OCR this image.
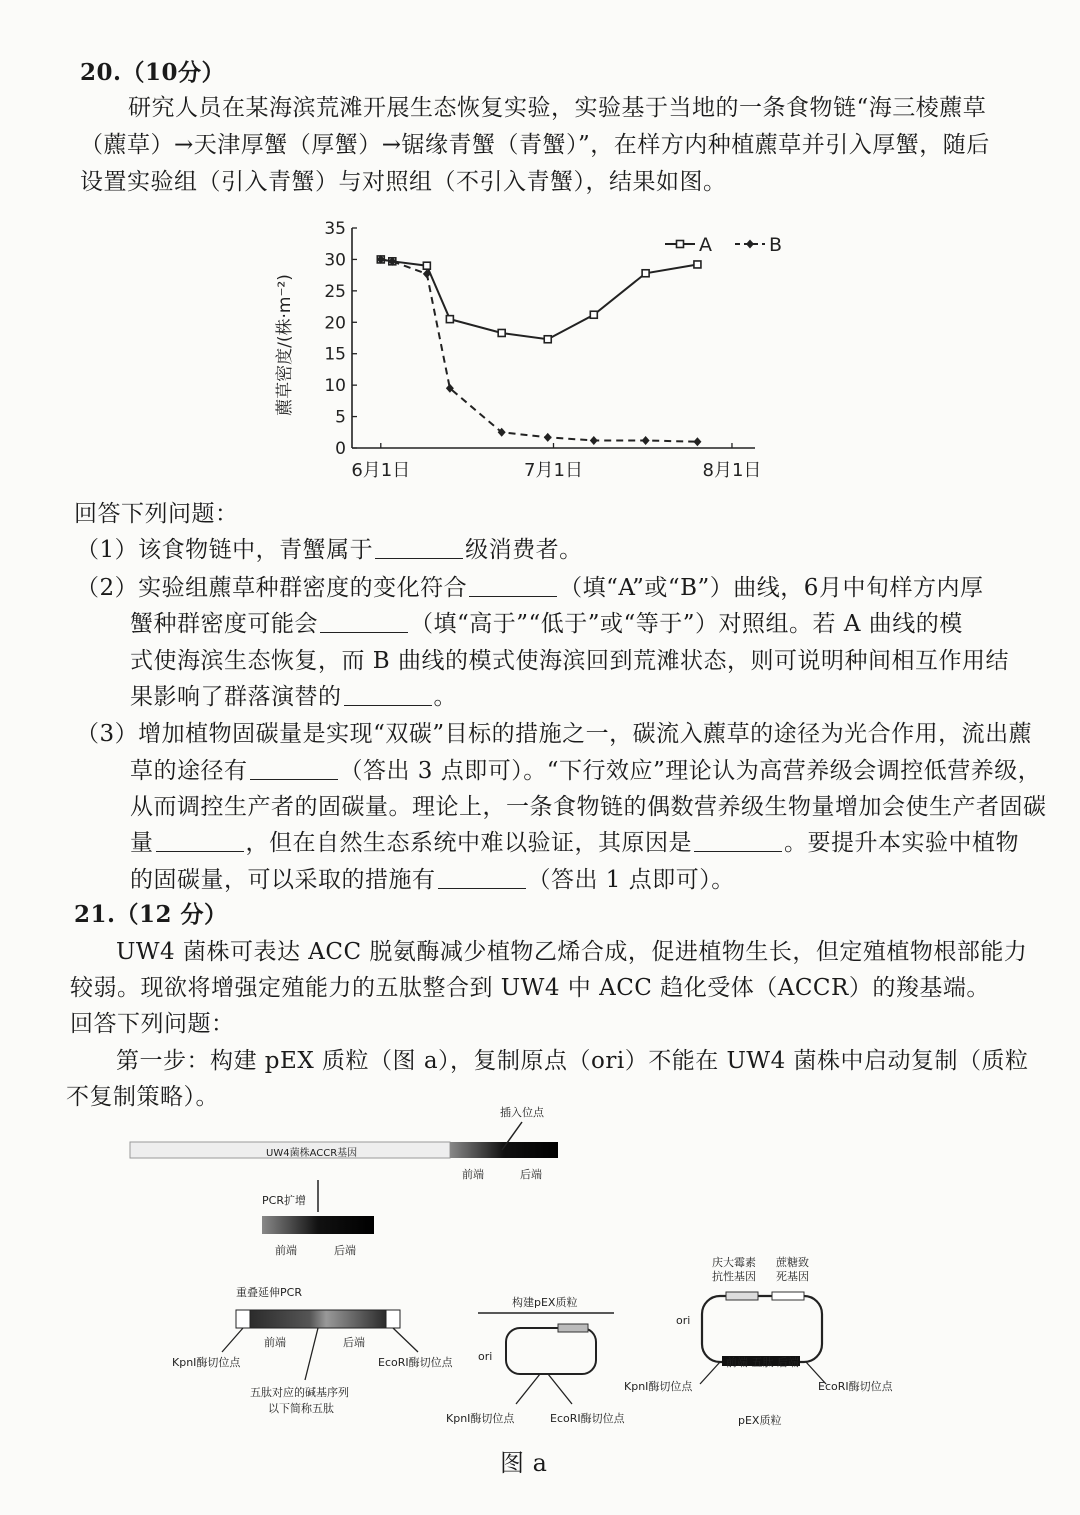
20.（10分）
研究人员在某海滨荒滩开展生态恢复实验，实验基于当地的一条食物链“海三棱藨草
（藨草）→天津厚蟹（厚蟹）→锯缘青蟹（青蟹）”，在样方内种植藨草并引入厚蟹，随后
设置实验组（引入青蟹）与对照组（不引入青蟹），结果如图。
0
5
10
15
20
25
30
35
6月1日	7月1日	8月1日
A	B
藨草密度/(株·m⁻²)
回答下列问题：
（1）该食物链中，青蟹属于	级消费者。
（2）实验组藨草种群密度的变化符合	（填“A”或“B”）曲线，6月中旬样方内厚
蟹种群密度可能会	（填“高于”“低于”或“等于”）对照组。若 A 曲线的模
式使海滨生态恢复，而 B 曲线的模式使海滨回到荒滩状态，则可说明种间相互作用结
果影响了群落演替的	。
（3）增加植物固碳量是实现“双碳”目标的措施之一，碳流入藨草的途径为光合作用，流出藨
草的途径有	（答出 3 点即可）。“下行效应”理论认为高营养级会调控低营养级，
从而调控生产者的固碳量。理论上，一条食物链的偶数营养级生物量增加会使生产者固碳
量	，但在自然生态系统中难以验证，其原因是	。要提升本实验中植物
的固碳量，可以采取的措施有	（答出 1 点即可）。
21.（12 分）
UW4 菌株可表达 ACC 脱氨酶减少植物乙烯合成，促进植物生长，但定殖植物根部能力
较弱。现欲将增强定殖能力的五肽整合到 UW4 中 ACC 趋化受体（ACCR）的羧基端。
回答下列问题：
第一步：构建 pEX 质粒（图 a），复制原点（ori）不能在 UW4 菌株中启动复制（质粒
不复制策略）。
插入位点
UW4菌株ACCR基因
前端	后端
PCR扩增
前端	后端
重叠延伸PCR
前端	后端
KpnⅠ酶切位点	EcoRⅠ酶切位点
五肽对应的碱基序列
以下简称五肽
构建pEX质粒
ori
KpnⅠ酶切位点	EcoRⅠ酶切位点
庆大霉素
抗性基因
蔗糖致
死基因
ori
前端 五肽 后端
KpnⅠ酶切位点	EcoRⅠ酶切位点
pEX质粒
图 a
